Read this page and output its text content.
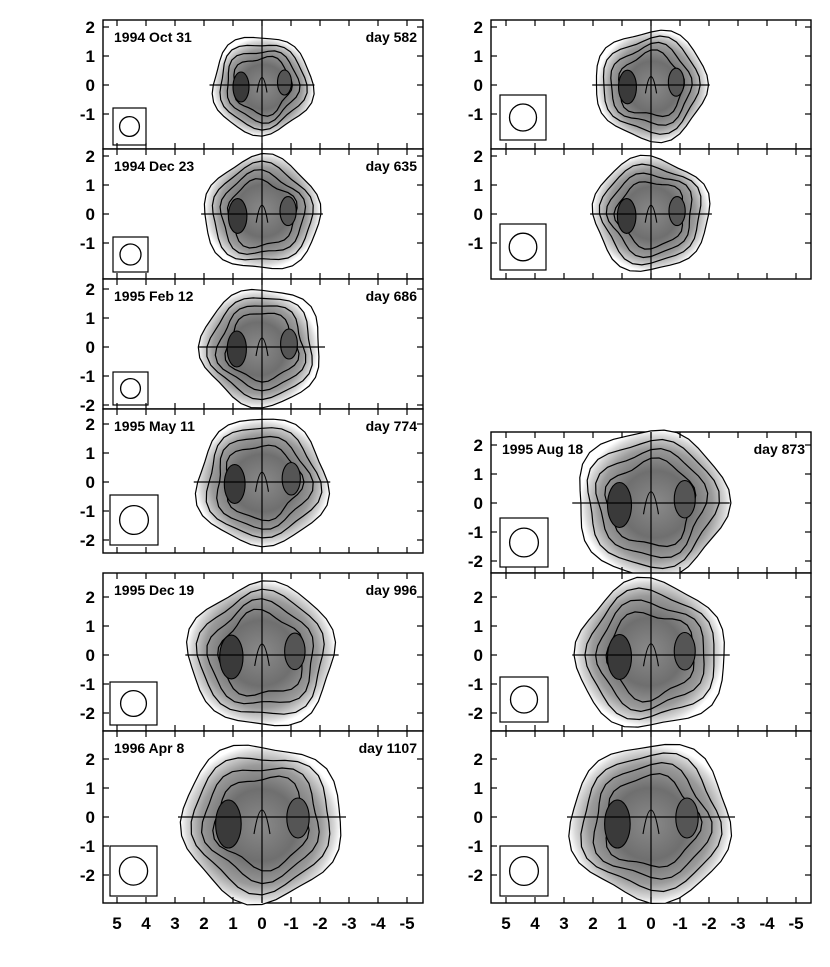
2
1
0
-1
1994 Oct 31	day 582	2
1
0
-1
2
1
0
-1
1994 Dec 23	day 635	2
1
0
-1
2
1
0
-1
-2
1995 Feb 12	day 686
2
1
0
-1
-2
1995 May 11	day 774
2
1
0
-1
-2
1995 Aug 18	day 873
2
1
0
-1
-2
1995 Dec 19	day 996	2
1
0
-1
-2
2
1
0
-1
-2
1996 Apr 8	day 1107
2
1
0
-1
-2
5 4 3 2 1 0 -1 -2 -3 -4 -5	5 4 3 2 1 0 -1 -2 -3 -4 -5
